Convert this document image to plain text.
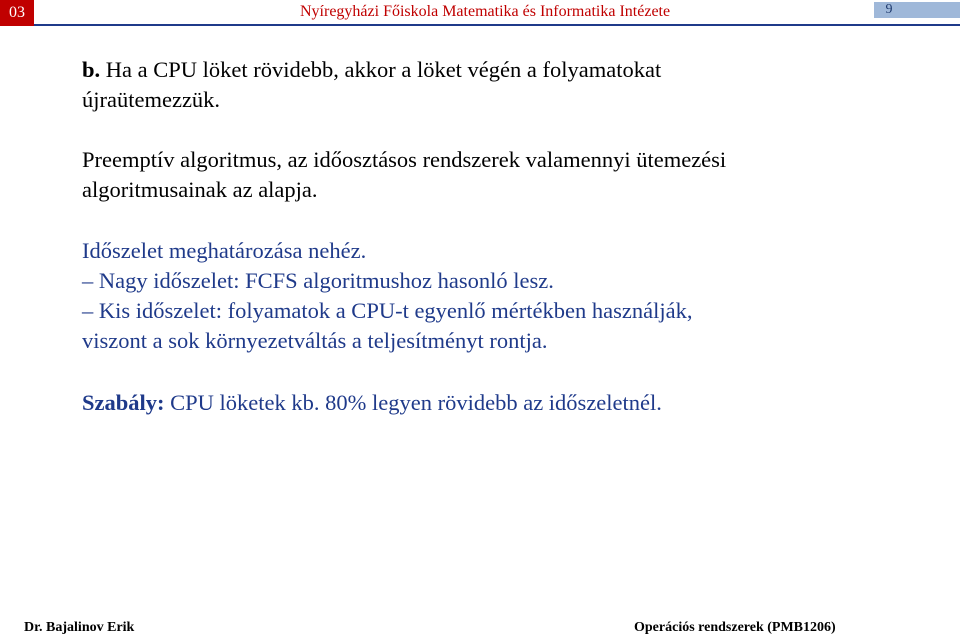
03	Nyíregyházi Főiskola Matematika és Informatika Intézete	9
b. Ha a CPU löket rövidebb, akkor a löket végén a folyamatokat
újraütemezzük.
Preemptív algoritmus, az időosztásos rendszerek valamennyi ütemezési
algoritmusainak az alapja.
Időszelet meghatározása nehéz.
– Nagy időszelet: FCFS algoritmushoz hasonló lesz.
– Kis időszelet: folyamatok a CPU-t egyenlő mértékben használják,
viszont a sok környezetváltás a teljesítményt rontja.
Szabály: CPU löketek kb. 80% legyen rövidebb az időszeletnél.
Dr. Bajalinov Erik	Operációs rendszerek (PMB1206)
